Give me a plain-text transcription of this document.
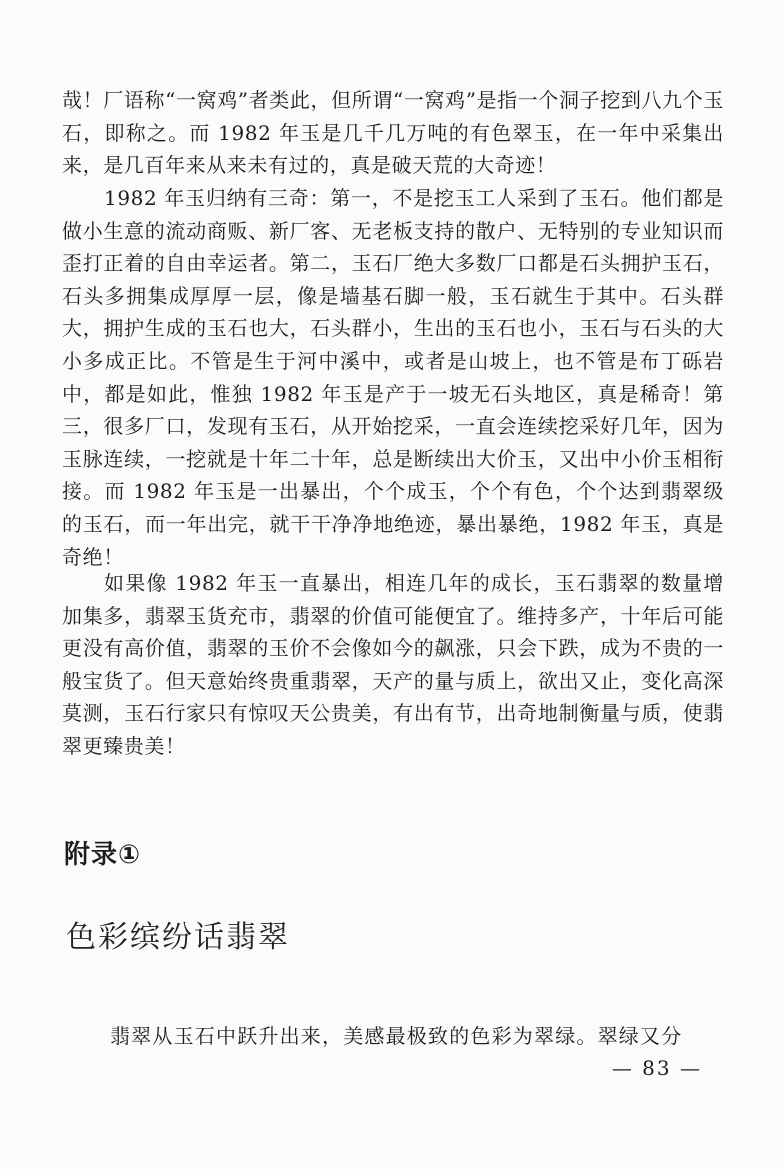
哉！厂语称“一窝鸡”者类此，但所谓“一窝鸡”是指一个洞子挖到八九个玉石，即称之。而 1982 年玉是几千几万吨的有色翠玉，在一年中采集出来，是几百年来从来未有过的，真是破天荒的大奇迹！

1982 年玉归纳有三奇：第一，不是挖玉工人采到了玉石。他们都是做小生意的流动商贩、新厂客、无老板支持的散户、无特别的专业知识而歪打正着的自由幸运者。第二，玉石厂绝大多数厂口都是石头拥护玉石，石头多拥集成厚厚一层，像是墙基石脚一般，玉石就生于其中。石头群大，拥护生成的玉石也大，石头群小，生出的玉石也小，玉石与石头的大小多成正比。不管是生于河中溪中，或者是山坡上，也不管是布丁砾岩中，都是如此，惟独 1982 年玉是产于一坡无石头地区，真是稀奇！第三，很多厂口，发现有玉石，从开始挖采，一直会连续挖采好几年，因为玉脉连续，一挖就是十年二十年，总是断续出大价玉，又出中小价玉相衔接。而 1982 年玉是一出暴出，个个成玉，个个有色，个个达到翡翠级的玉石，而一年出完，就干干净净地绝迹，暴出暴绝，1982 年玉，真是奇绝！

如果像 1982 年玉一直暴出，相连几年的成长，玉石翡翠的数量增加集多，翡翠玉货充市，翡翠的价值可能便宜了。维持多产，十年后可能更没有高价值，翡翠的玉价不会像如今的飙涨，只会下跌，成为不贵的一般宝货了。但天意始终贵重翡翠，天产的量与质上，欲出又止，变化高深莫测，玉石行家只有惊叹天公贵美，有出有节，出奇地制衡量与质，使翡翠更臻贵美！

附录①
色彩缤纷话翡翠

翡翠从玉石中跃升出来，美感最极致的色彩为翠绿。翠绿又分

— 83 —
